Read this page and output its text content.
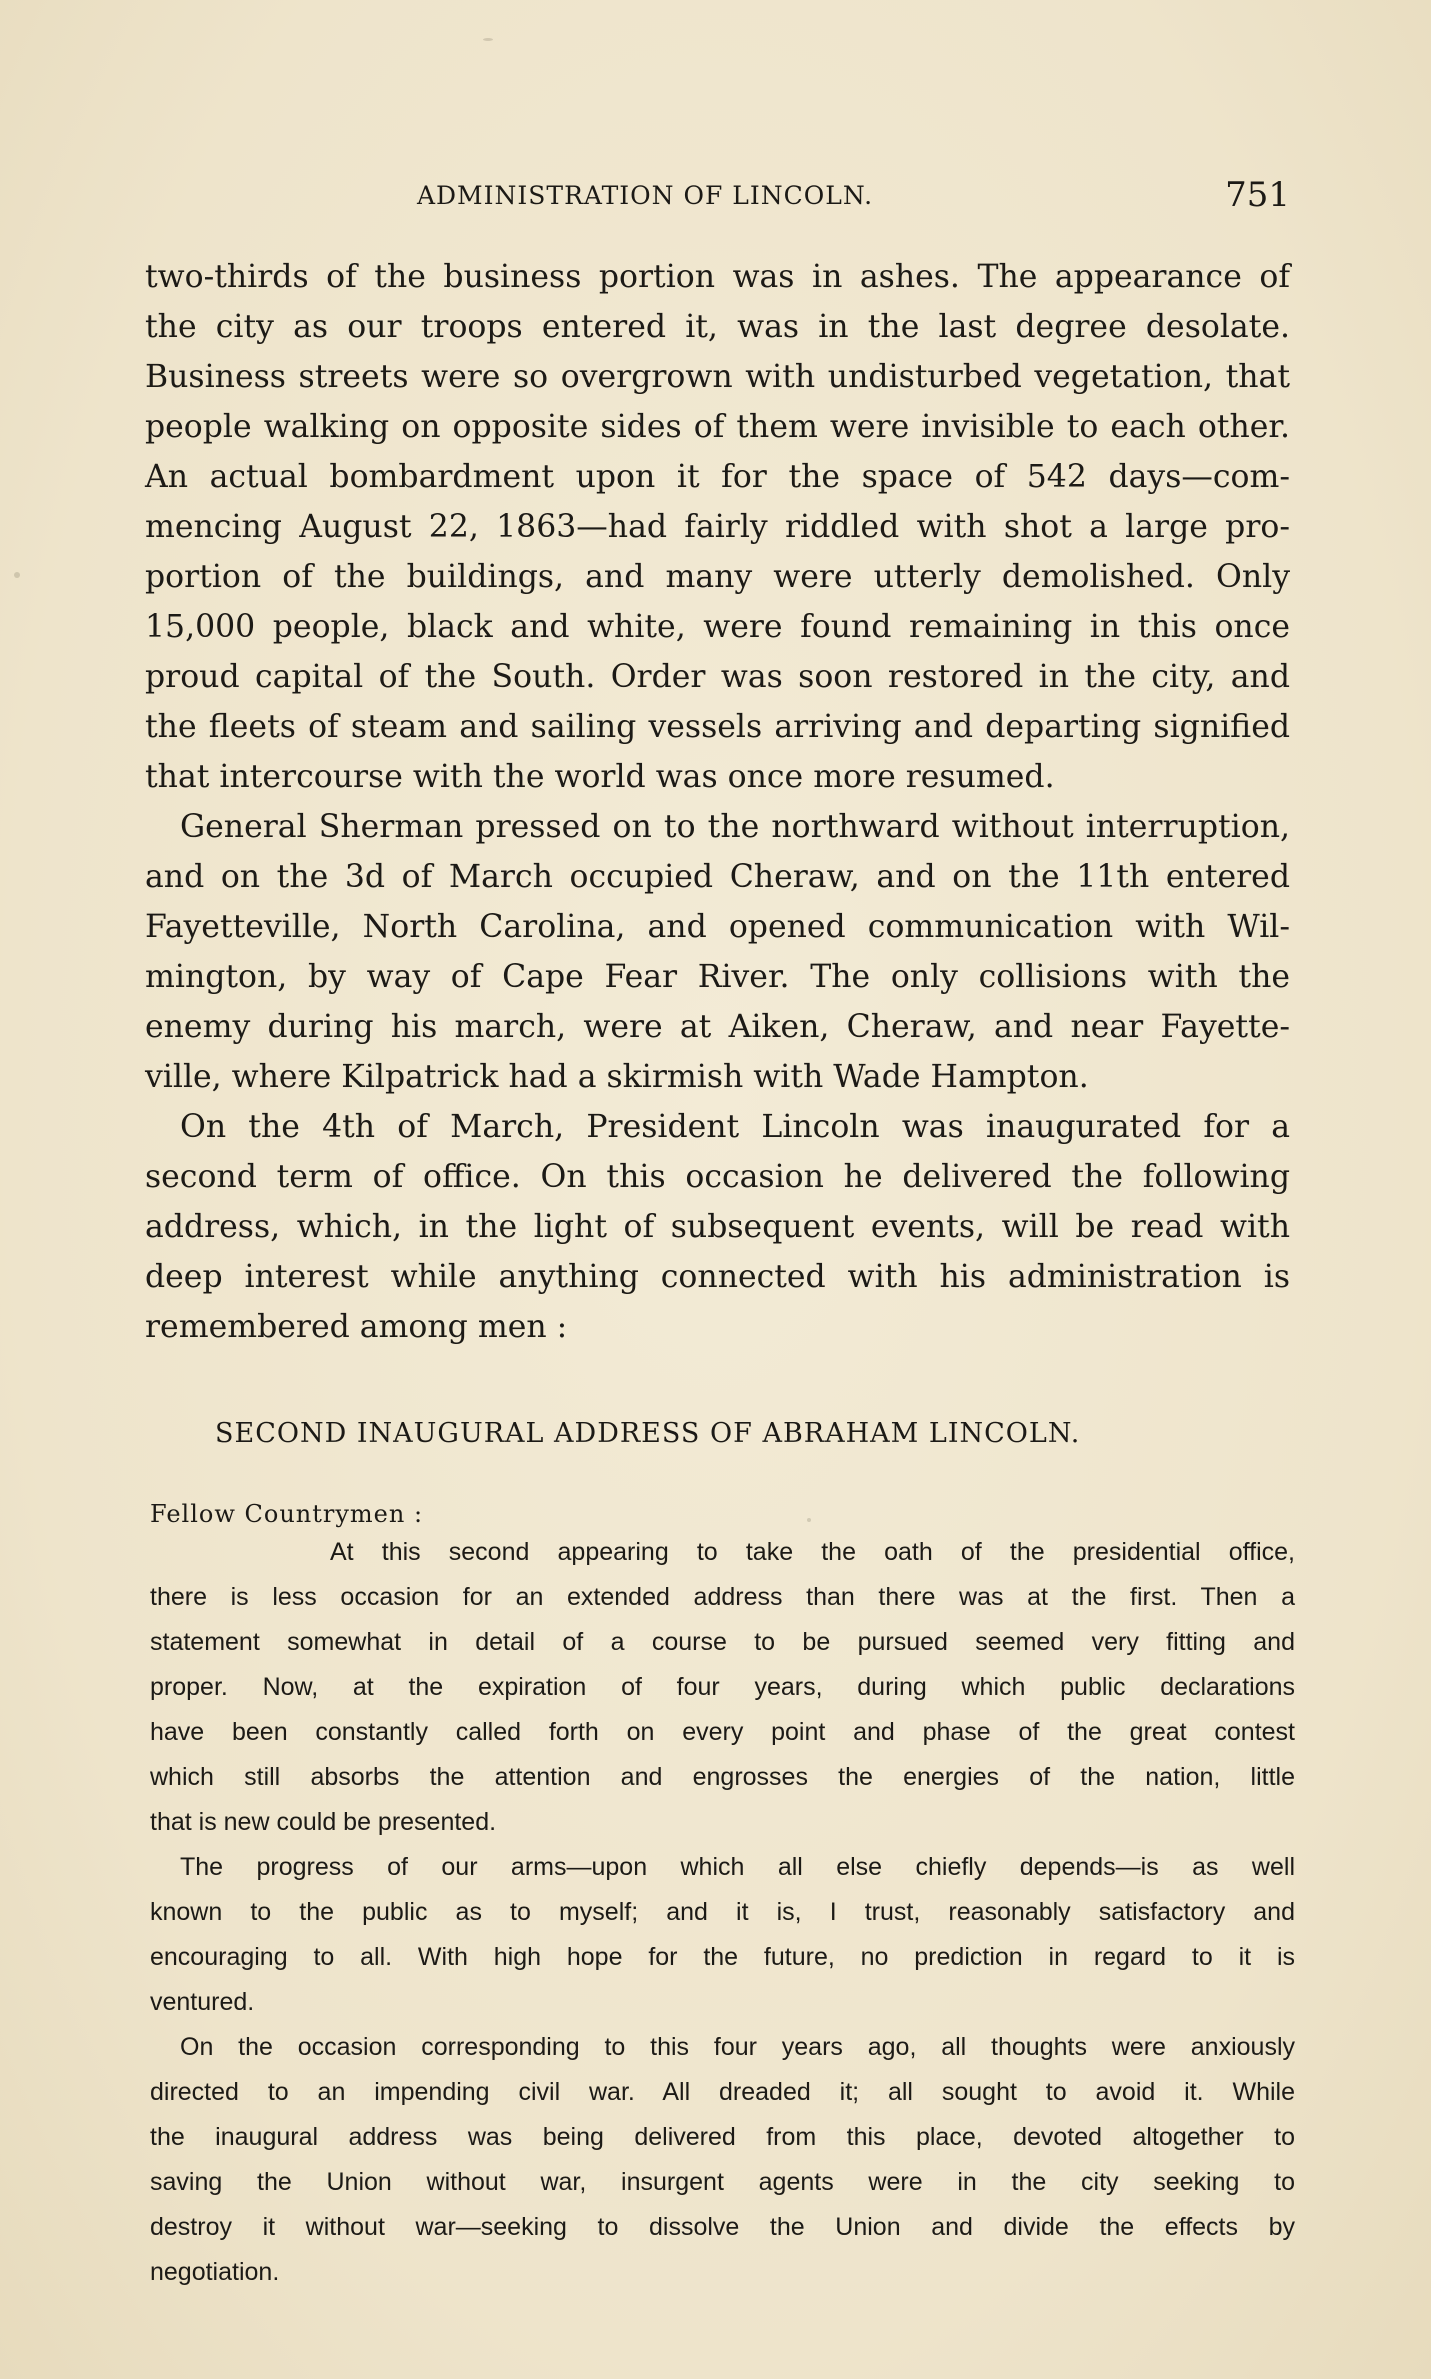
ADMINISTRATION OF LINCOLN.	751

two-thirds of the business portion was in ashes. The appearance of
the city as our troops entered it, was in the last degree desolate.
Business streets were so overgrown with undisturbed vegetation, that
people walking on opposite sides of them were invisible to each other.
An actual bombardment upon it for the space of 542 days—com-
mencing August 22, 1863—had fairly riddled with shot a large pro-
portion of the buildings, and many were utterly demolished. Only
15,000 people, black and white, were found remaining in this once
proud capital of the South. Order was soon restored in the city, and
the fleets of steam and sailing vessels arriving and departing signified
that intercourse with the world was once more resumed.

General Sherman pressed on to the northward without interruption,
and on the 3d of March occupied Cheraw, and on the 11th entered
Fayetteville, North Carolina, and opened communication with Wil-
mington, by way of Cape Fear River. The only collisions with the
enemy during his march, were at Aiken, Cheraw, and near Fayette-
ville, where Kilpatrick had a skirmish with Wade Hampton.

On the 4th of March, President Lincoln was inaugurated for a
second term of office. On this occasion he delivered the following
address, which, in the light of subsequent events, will be read with
deep interest while anything connected with his administration is
remembered among men :

SECOND INAUGURAL ADDRESS OF ABRAHAM LINCOLN.
Fellow Countrymen :

At this second appearing to take the oath of the presidential office,
there is less occasion for an extended address than there was at the first. Then a
statement somewhat in detail of a course to be pursued seemed very fitting and
proper. Now, at the expiration of four years, during which public declarations
have been constantly called forth on every point and phase of the great contest
which still absorbs the attention and engrosses the energies of the nation, little
that is new could be presented.

The progress of our arms—upon which all else chiefly depends—is as well
known to the public as to myself; and it is, I trust, reasonably satisfactory and
encouraging to all. With high hope for the future, no prediction in regard to it is
ventured.

On the occasion corresponding to this four years ago, all thoughts were anxiously
directed to an impending civil war. All dreaded it; all sought to avoid it. While
the inaugural address was being delivered from this place, devoted altogether to
saving the Union without war, insurgent agents were in the city seeking to
destroy it without war—seeking to dissolve the Union and divide the effects by
negotiation.
